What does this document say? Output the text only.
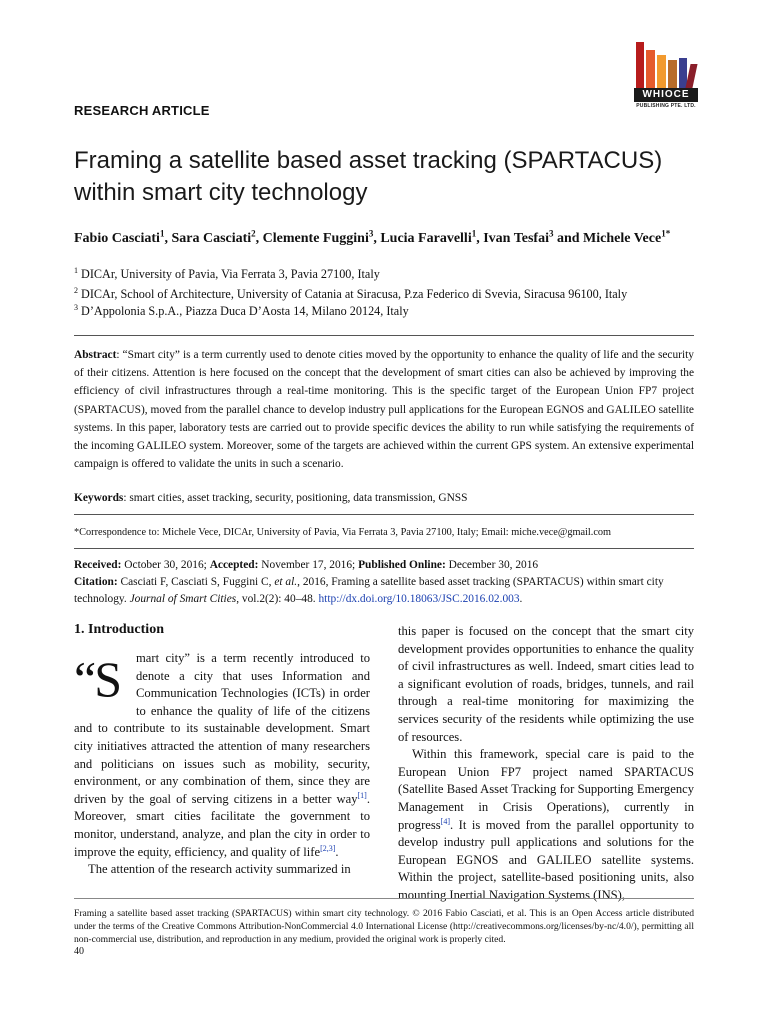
WHIOCE
PUBLISHING PTE. LTD.
RESEARCH ARTICLE
Framing a satellite based asset tracking (SPARTACUS)
within smart city technology
Fabio Casciati$^1$, Sara Casciati$^2$, Clemente Fuggini$^3$, Lucia Faravelli$^1$, Ivan Tesfai$^3$ and Michele Vece$^{1*}$
$^1$ DICAr, University of Pavia, Via Ferrata 3, Pavia 27100, Italy
$^2$ DICAr, School of Architecture, University of Catania at Siracusa, P.za Federico di Svevia, Siracusa 96100, Italy
$^3$ D’Appolonia S.p.A., Piazza Duca D’Aosta 14, Milano 20124, Italy
Abstract: “Smart city” is a term currently used to denote cities moved by the opportunity to enhance the quality of life and the security of their citizens. Attention is here focused on the concept that the development of smart cities can also be achieved by improving the efficiency of civil infrastructures through a real-time monitoring. This is the specific target of the European Union FP7 project (SPARTACUS), moved from the parallel chance to develop industry pull applications for the European EGNOS and GALILEO satellite systems. In this paper, laboratory tests are carried out to provide specific devices the ability to run while satisfying the requirements of the incoming GALILEO system. Moreover, some of the targets are achieved within the current GPS system. An extensive experimental campaign is offered to validate the units in such a scenario.
Keywords: smart cities, asset tracking, security, positioning, data transmission, GNSS
*Correspondence to: Michele Vece, DICAr, University of Pavia, Via Ferrata 3, Pavia 27100, Italy; Email: miche.vece@gmail.com
Received: October 30, 2016; Accepted: November 17, 2016; Published Online: December 30, 2016
Citation: Casciati F, Casciati S, Fuggini C, et al., 2016, Framing a satellite based asset tracking (SPARTACUS) within smart city technology. Journal of Smart Cities, vol.2(2): 40–48. http://dx.doi.org/10.18063/JSC.2016.02.003.
1. Introduction
“S	mart city” is a term recently introduced to denote a city that uses Information and Communication Technologies (ICTs) in order to enhance the quality of life of the citizens and to contribute to its sustainable development. Smart city initiatives attracted the attention of many researchers and politicians on issues such as mobility, security, environment, or any combination of them, since they are driven by the goal of serving citizens in a better way[1]. Moreover, smart cities facilitate the government to monitor, understand, analyze, and plan the city in order to improve the equity, efficiency, and quality of life[2,3].

The attention of the research activity summarized in

this paper is focused on the concept that the smart city development provides opportunities to enhance the quality of civil infrastructures as well. Indeed, smart cities lead to a significant evolution of roads, bridges, tunnels, and rail through a real-time monitoring for maximizing the services security of the residents while optimizing the use of resources.

Within this framework, special care is paid to the European Union FP7 project named SPARTACUS (Satellite Based Asset Tracking for Supporting Emergency Management in Crisis Operations), currently in progress[4]. It is moved from the parallel opportunity to develop industry pull applications and solutions for the European EGNOS and GALILEO satellite systems. Within the project, satellite-based positioning units, also mounting Inertial Navigation Systems (INS),

Framing a satellite based asset tracking (SPARTACUS) within smart city technology. © 2016 Fabio Casciati, et al. This is an Open Access article distributed under the terms of the Creative Commons Attribution-NonCommercial 4.0 International License (http://creativecommons.org/licenses/by-nc/4.0/), permitting all non-commercial use, distribution, and reproduction in any medium, provided the original work is properly cited.
40
